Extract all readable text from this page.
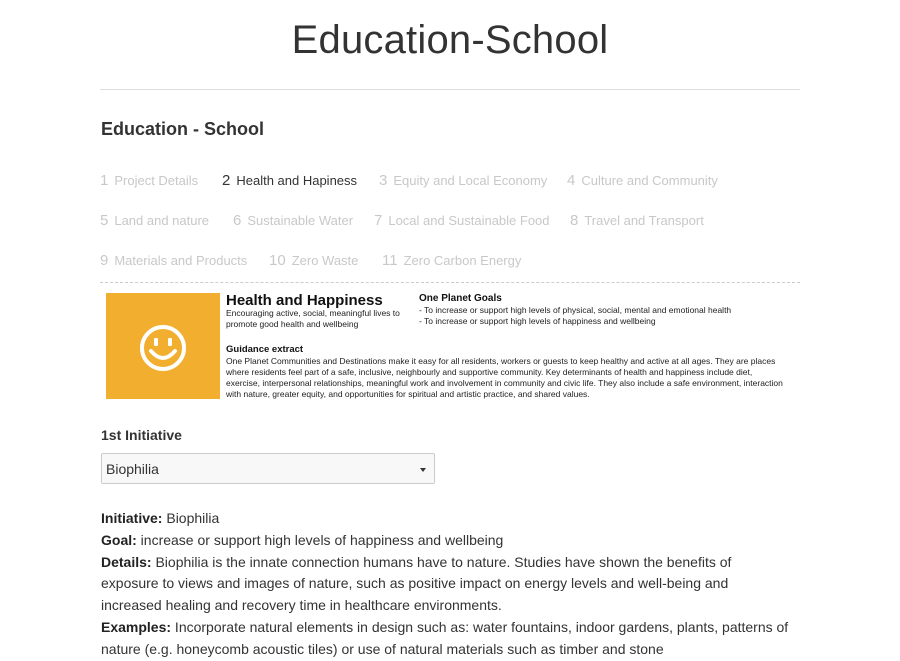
Education-School
Education - School
1 Project Details 2 Health and Hapiness 3 Equity and Local Economy 4 Culture and Community
5 Land and nature 6 Sustainable Water 7 Local and Sustainable Food 8 Travel and Transport
9 Materials and Products 10 Zero Waste 11 Zero Carbon Energy
Health and Happiness
Encouraging active, social, meaningful lives to promote good health and wellbeing
One Planet Goals
- To increase or support high levels of physical, social, mental and emotional health
- To increase or support high levels of happiness and wellbeing
Guidance extract
One Planet Communities and Destinations make it easy for all residents, workers or guests to keep healthy and active at all ages. They are places where residents feel part of a safe, inclusive, neighbourly and supportive community. Key determinants of health and happiness include diet, exercise, interpersonal relationships, meaningful work and involvement in community and civic life. They also include a safe environment, interaction with nature, greater equity, and opportunities for spiritual and artistic practice, and shared values.
1st Initiative
Biophilia

Initiative: Biophilia

Goal: increase or support high levels of happiness and wellbeing

Details: Biophilia is the innate connection humans have to nature. Studies have shown the benefits of exposure to views and images of nature, such as positive impact on energy levels and well-being and increased healing and recovery time in healthcare environments.

Examples: Incorporate natural elements in design such as: water fountains, indoor gardens, plants, patterns of nature (e.g. honeycomb acoustic tiles) or use of natural materials such as timber and stone
